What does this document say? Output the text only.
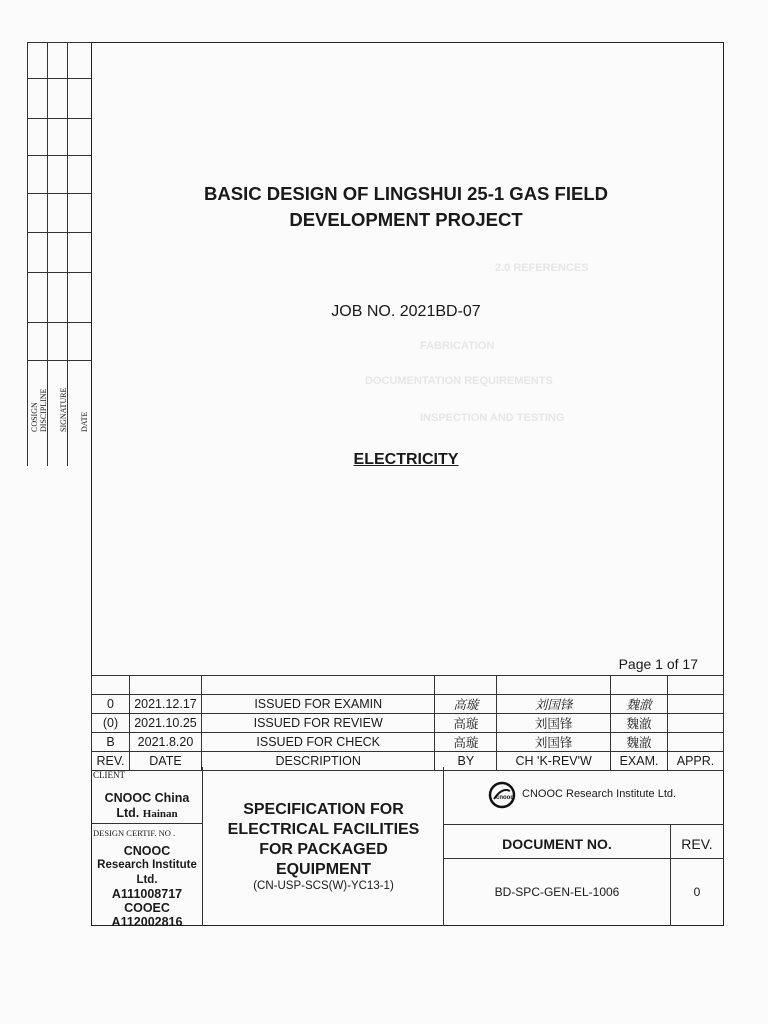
COSIGN DISCIPLINE SIGNATURE DATE
2.0 REFERENCES
FABRICATION
DOCUMENTATION REQUIREMENTS
INSPECTION AND TESTING
BASIC DESIGN OF LINGSHUI 25-1 GAS FIELD
DEVELOPMENT PROJECT
JOB NO. 2021BD-07
ELECTRICITY
Page 1 of 17

0	2021.12.17	ISSUED FOR EXAMIN	高璇	刘国锋	魏澈	
(0)	2021.10.25	ISSUED FOR REVIEW	高璇	刘国锋	魏澈	
B	2021.8.20	ISSUED FOR CHECK	高璇	刘国锋	魏澈	
REV.	DATE	DESCRIPTION	BY	CH 'K-REV'W	EXAM.	APPR.
CLIENT
CNOOC China
Ltd. Hainan
DESIGN CERTIF. NO .
CNOOC
Research Institute
Ltd.
A111008717
COOEC
A112002816
SPECIFICATION FOR
ELECTRICAL FACILITIES
FOR PACKAGED
EQUIPMENT
(CN-USP-SCS(W)-YC13-1)
cnooc CNOOC Research Institute Ltd.
DOCUMENT NO.	REV.
BD-SPC-GEN-EL-1006	0
